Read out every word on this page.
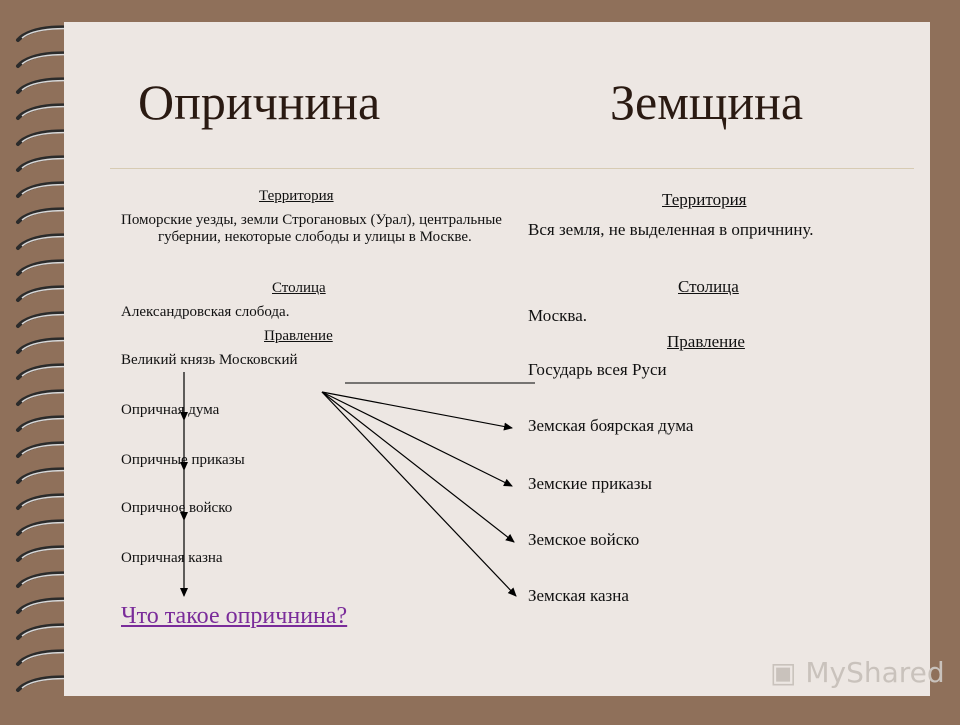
Опричнина	Земщина
Территория
Поморские уезды, земли Строгановых (Урал), центральные губернии, некоторые слободы и улицы в Москве.
Столица
Александровская слобода.
Правление
Великий князь Московский
Опричная дума
Опричные приказы
Опричное войско
Опричная казна
Что такое опричнина?
Территория
Вся земля, не выделенная в опричнину.
Столица
Москва.
Правление
Государь всея Руси
Земская боярская дума
Земские приказы
Земское войско
Земская казна
▣ MyShared
